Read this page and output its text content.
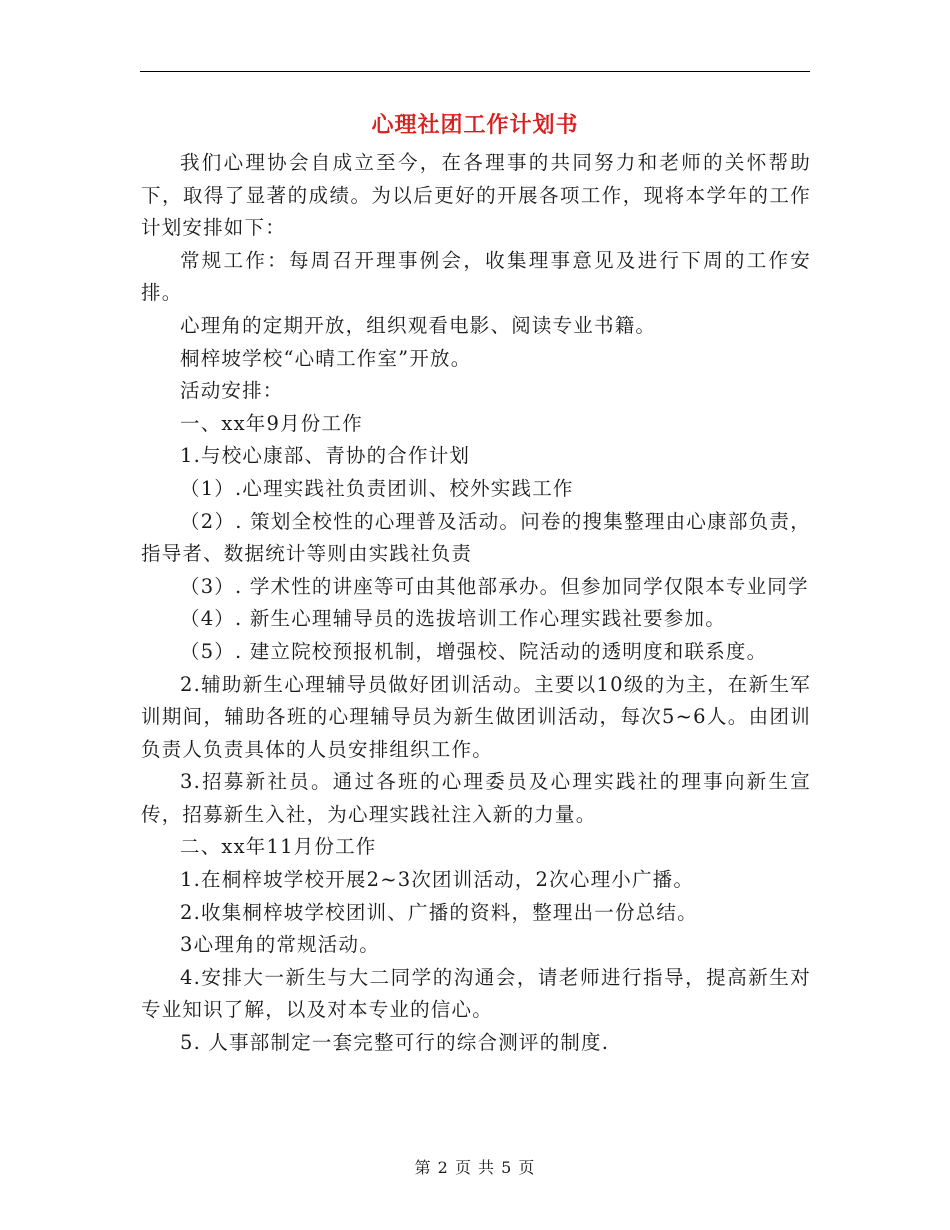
心理社团工作计划书

我们心理协会自成立至今，在各理事的共同努力和老师的关怀帮助下，取得了显著的成绩。为以后更好的开展各项工作，现将本学年的工作计划安排如下：

常规工作：每周召开理事例会，收集理事意见及进行下周的工作安排。

心理角的定期开放，组织观看电影、阅读专业书籍。

桐梓坡学校“心晴工作室”开放。

活动安排：

一、xx年9月份工作

1.与校心康部、青协的合作计划

（1）.心理实践社负责团训、校外实践工作

（2）. 策划全校性的心理普及活动。问卷的搜集整理由心康部负责，指导者、数据统计等则由实践社负责

（3）. 学术性的讲座等可由其他部承办。但参加同学仅限本专业同学

（4）. 新生心理辅导员的选拔培训工作心理实践社要参加。

（5）. 建立院校预报机制，增强校、院活动的透明度和联系度。

2.辅助新生心理辅导员做好团训活动。主要以10级的为主，在新生军训期间，辅助各班的心理辅导员为新生做团训活动，每次5~6人。由团训负责人负责具体的人员安排组织工作。

3.招募新社员。通过各班的心理委员及心理实践社的理事向新生宣传，招募新生入社，为心理实践社注入新的力量。

二、xx年11月份工作

1.在桐梓坡学校开展2~3次团训活动，2次心理小广播。

2.收集桐梓坡学校团训、广播的资料，整理出一份总结。

3心理角的常规活动。

4.安排大一新生与大二同学的沟通会，请老师进行指导，提高新生对专业知识了解，以及对本专业的信心。

5. 人事部制定一套完整可行的综合测评的制度.

第 2 页 共 5 页
